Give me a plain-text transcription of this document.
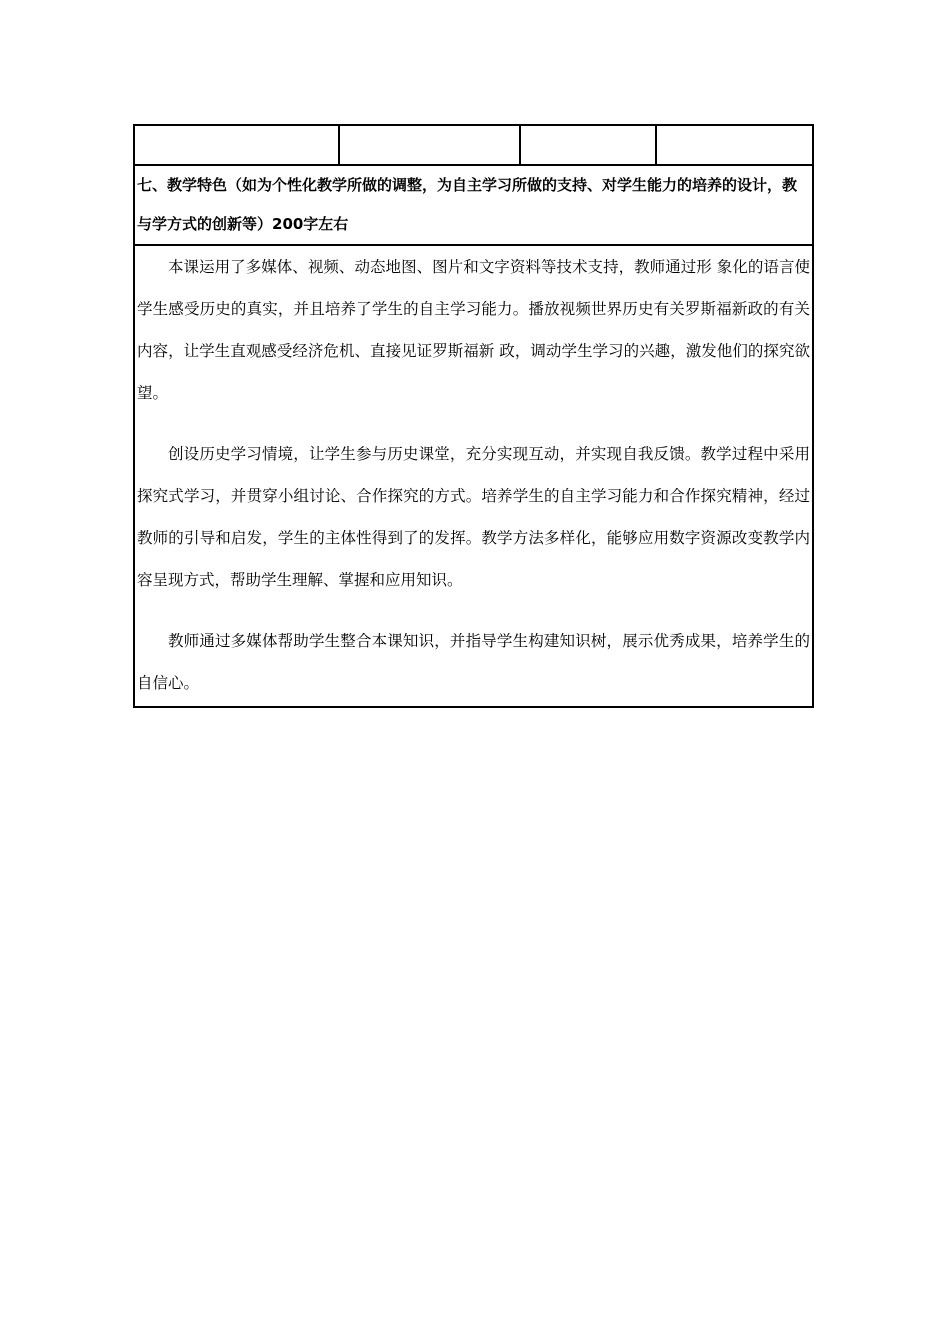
七、教学特色（如为个性化教学所做的调整，为自主学习所做的支持、对学生能力的培养的设计，教与学方式的创新等）200字左右

本课运用了多媒体、视频、动态地图、图片和文字资料等技术支持，教师通过形 象化的语言使学生感受历史的真实，并且培养了学生的自主学习能力。播放视频世界历史有关罗斯福新政的有关内容，让学生直观感受经济危机、直接见证罗斯福新 政，调动学生学习的兴趣，激发他们的探究欲望。

创设历史学习情境，让学生参与历史课堂，充分实现互动，并实现自我反馈。教学过程中采用探究式学习，并贯穿小组讨论、合作探究的方式。培养学生的自主学习能力和合作探究精神，经过教师的引导和启发，学生的主体性得到了的发挥。教学方法多样化，能够应用数字资源改变教学内容呈现方式，帮助学生理解、掌握和应用知识。

教师通过多媒体帮助学生整合本课知识，并指导学生构建知识树，展示优秀成果，培养学生的自信心。
